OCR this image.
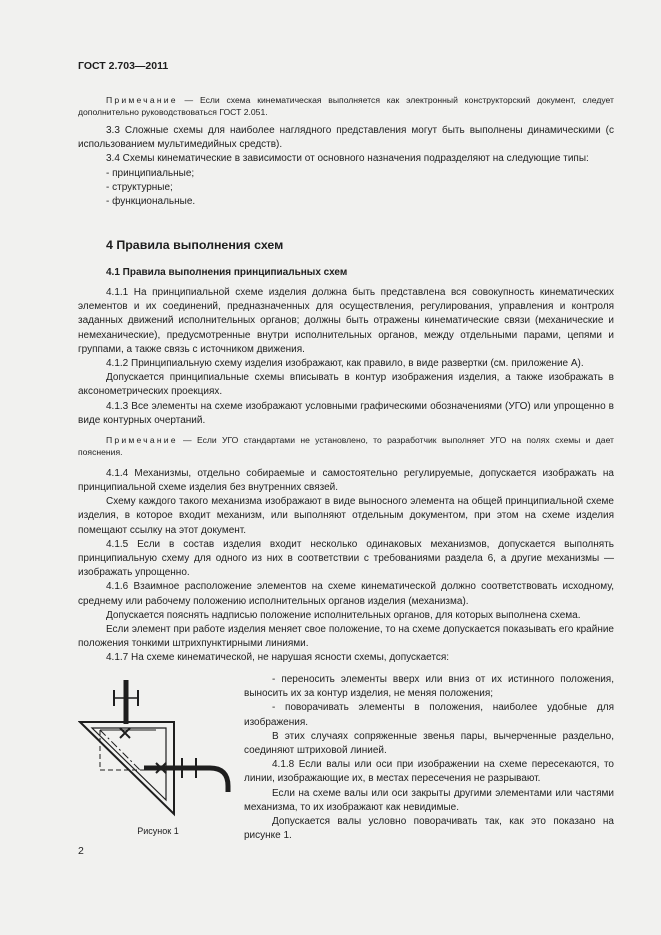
ГОСТ 2.703—2011

Примечание — Если схема кинематическая выполняется как электронный конструкторский документ, следует дополнительно руководствоваться ГОСТ 2.051.

3.3 Сложные схемы для наиболее наглядного представления могут быть выполнены динамическими (с использованием мультимедийных средств).

3.4 Схемы кинематические в зависимости от основного назначения подразделяют на следующие типы:

- принципиальные;

- структурные;

- функциональные.

4 Правила выполнения схем
4.1 Правила выполнения принципиальных схем

4.1.1 На принципиальной схеме изделия должна быть представлена вся совокупность кинематических элементов и их соединений, предназначенных для осуществления, регулирования, управления и контроля заданных движений исполнительных органов; должны быть отражены кинематические связи (механические и немеханические), предусмотренные внутри исполнительных органов, между отдельными парами, цепями и группами, а также связь с источником движения.

4.1.2 Принципиальную схему изделия изображают, как правило, в виде развертки (см. приложение А).

Допускается принципиальные схемы вписывать в контур изображения изделия, а также изображать в аксонометрических проекциях.

4.1.3 Все элементы на схеме изображают условными графическими обозначениями (УГО) или упрощенно в виде контурных очертаний.

Примечание — Если УГО стандартами не установлено, то разработчик выполняет УГО на полях схемы и дает пояснения.

4.1.4 Механизмы, отдельно собираемые и самостоятельно регулируемые, допускается изображать на принципиальной схеме изделия без внутренних связей.

Схему каждого такого механизма изображают в виде выносного элемента на общей принципиальной схеме изделия, в которое входит механизм, или выполняют отдельным документом, при этом на схеме изделия помещают ссылку на этот документ.

4.1.5 Если в состав изделия входит несколько одинаковых механизмов, допускается выполнять принципиальную схему для одного из них в соответствии с требованиями раздела 6, а другие механизмы — изображать упрощенно.

4.1.6 Взаимное расположение элементов на схеме кинематической должно соответствовать исходному, среднему или рабочему положению исполнительных органов изделия (механизма).

Допускается пояснять надписью положение исполнительных органов, для которых выполнена схема.

Если элемент при работе изделия меняет свое положение, то на схеме допускается показывать его крайние положения тонкими штрихпунктирными линиями.

4.1.7 На схеме кинематической, не нарушая ясности схемы, допускается:

- переносить элементы вверх или вниз от их истинного положения, выносить их за контур изделия, не меняя положения;

- поворачивать элементы в положения, наиболее удобные для изображения.

В этих случаях сопряженные звенья пары, вычерченные раздельно, соединяют штриховой линией.

4.1.8 Если валы или оси при изображении на схеме пересекаются, то линии, изображающие их, в местах пересечения не разрывают.

Если на схеме валы или оси закрыты другими элементами или частями механизма, то их изображают как невидимые.

Допускается валы условно поворачивать так, как это показано на рисунке 1.

Рисунок 1
2
